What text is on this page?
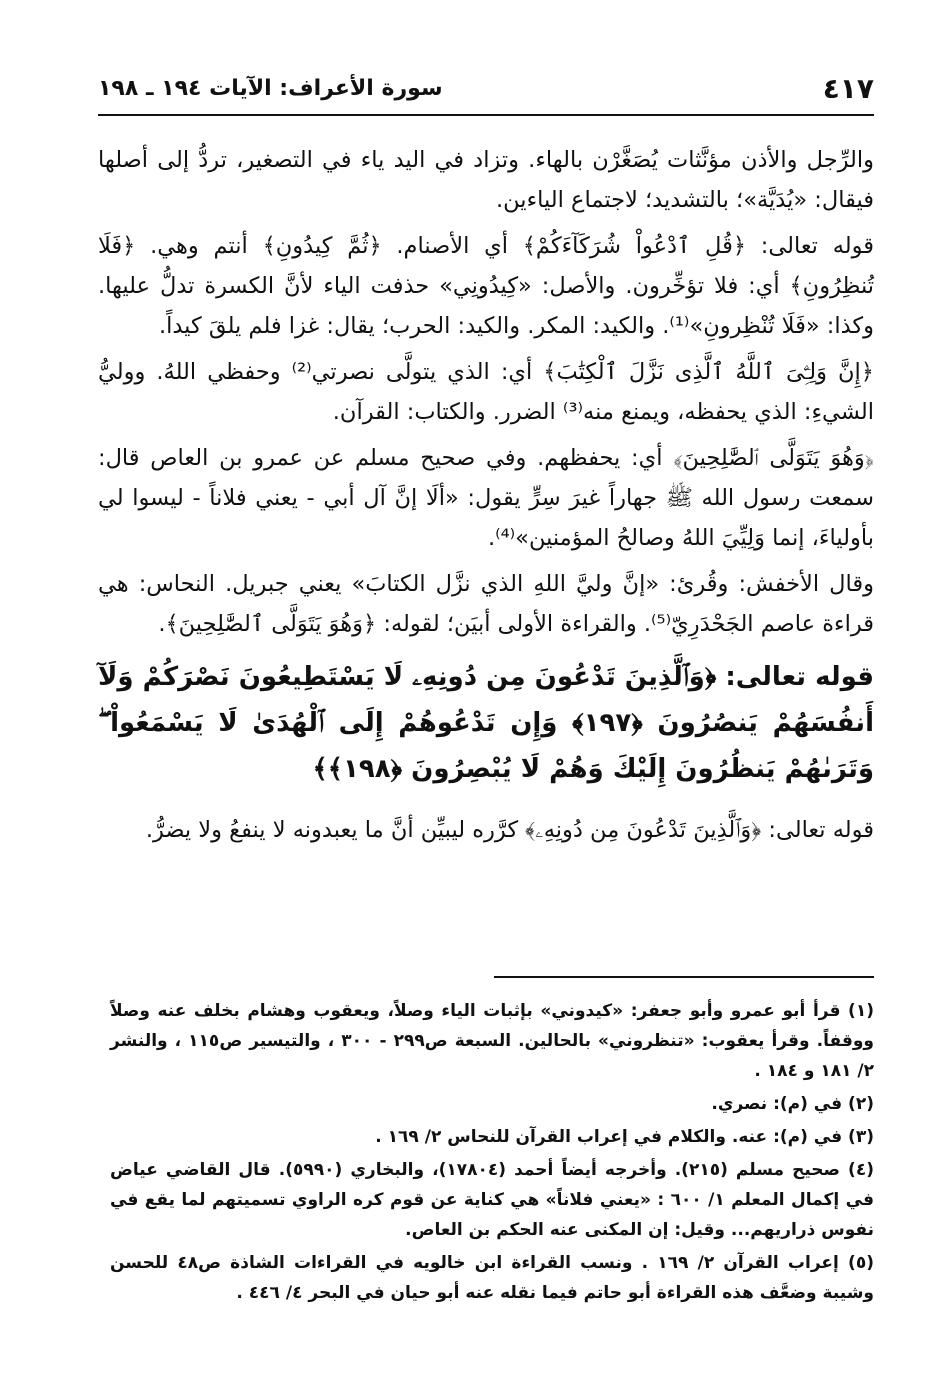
٤١٧
سورة الأعراف: الآيات ١٩٤ ـ ١٩٨

والرِّجل والأذن مؤنَّثات يُصَغَّرْن بالهاء. وتزاد في اليد ياء في التصغير، تردُّ إلى أصلها فيقال: «يُدَيَّة»؛ بالتشديد؛ لاجتماع الياءين.

قوله تعالى: ﴿قُلِ ٱدْعُواْ شُرَكَآءَكُمْ﴾ أي الأصنام. ﴿ثُمَّ كِيدُونِ﴾ أنتم وهي. ﴿فَلَا تُنظِرُونِ﴾ أي: فلا تؤخِّرون. والأصل: «كِيدُونِي» حذفت الياء لأنَّ الكسرة تدلُّ عليها. وكذا: «فَلَا تُنْظِرونِ»⁽¹⁾. والكيد: المكر. والكيد: الحرب؛ يقال: غزا فلم يلقَ كيداً.

﴿إِنَّ وَلِـِّۧىَ ٱللَّهُ ٱلَّذِى نَزَّلَ ٱلْكِتَٰبَ﴾ أي: الذي يتولَّى نصرتي⁽²⁾ وحفظي اللهُ. ووليُّ الشيءِ: الذي يحفظه، ويمنع منه⁽³⁾ الضرر. والكتاب: القرآن.

﴿وَهُوَ يَتَوَلَّى ٱلصَّٰلِحِينَ﴾ أي: يحفظهم. وفي صحيح مسلم عن عمرو بن العاص قال: سمعت رسول الله ﷺ جهاراً غيرَ سِرٍّ يقول: «ألَا إنَّ آل أبي - يعني فلاناً - ليسوا لي بأولياءَ، إنما وَلِيِّيَ اللهُ وصالحُ المؤمنين»⁽⁴⁾.

وقال الأخفش: وقُرئ: «إنَّ وليَّ اللهِ الذي نزَّل الكتابَ» يعني جبريل. النحاس: هي قراءة عاصم الجَحْدَرِيّ⁽⁵⁾. والقراءة الأولى أبيَن؛ لقوله: ﴿وَهُوَ يَتَوَلَّى ٱلصَّٰلِحِينَ﴾.

قوله تعالى: ﴿وَٱلَّذِينَ تَدْعُونَ مِن دُونِهِۦ لَا يَسْتَطِيعُونَ نَصْرَكُمْ وَلَآ أَنفُسَهُمْ يَنصُرُونَ ﴿١٩٧﴾ وَإِن تَدْعُوهُمْ إِلَى ٱلْهُدَىٰ لَا يَسْمَعُواْ ۖ وَتَرَىٰهُمْ يَنظُرُونَ إِلَيْكَ وَهُمْ لَا يُبْصِرُونَ ﴿١٩٨﴾﴾

قوله تعالى: ﴿وَٱلَّذِينَ تَدْعُونَ مِن دُونِهِۦ﴾ كرَّره ليبيِّن أنَّ ما يعبدونه لا ينفعُ ولا يضرُّ.

(١) قرأ أبو عمرو وأبو جعفر: «كيدوني» بإثبات الياء وصلاً، ويعقوب وهشام بخلف عنه وصلاً ووقفاً. وقرأ يعقوب: «تنظروني» بالحالين. السبعة ص٢٩٩ - ٣٠٠ ، والتيسير ص١١٥ ، والنشر ٢/ ١٨١ و ١٨٤ .

(٢) في (م): نصري.

(٣) في (م): عنه. والكلام في إعراب القرآن للنحاس ٢/ ١٦٩ .

(٤) صحيح مسلم (٢١٥). وأخرجه أيضاً أحمد (١٧٨٠٤)، والبخاري (٥٩٩٠). قال القاضي عياض في إكمال المعلم ١/ ٦٠٠ : «يعني فلاناً» هي كناية عن قوم كره الراوي تسميتهم لما يقع في نفوس ذراريهم... وقيل: إن المكنى عنه الحكم بن العاص.

(٥) إعراب القرآن ٢/ ١٦٩ . ونسب القراءة ابن خالويه في القراءات الشاذة ص٤٨ للحسن وشيبة وضعَّف هذه القراءة أبو حاتم فيما نقله عنه أبو حيان في البحر ٤/ ٤٤٦ .
